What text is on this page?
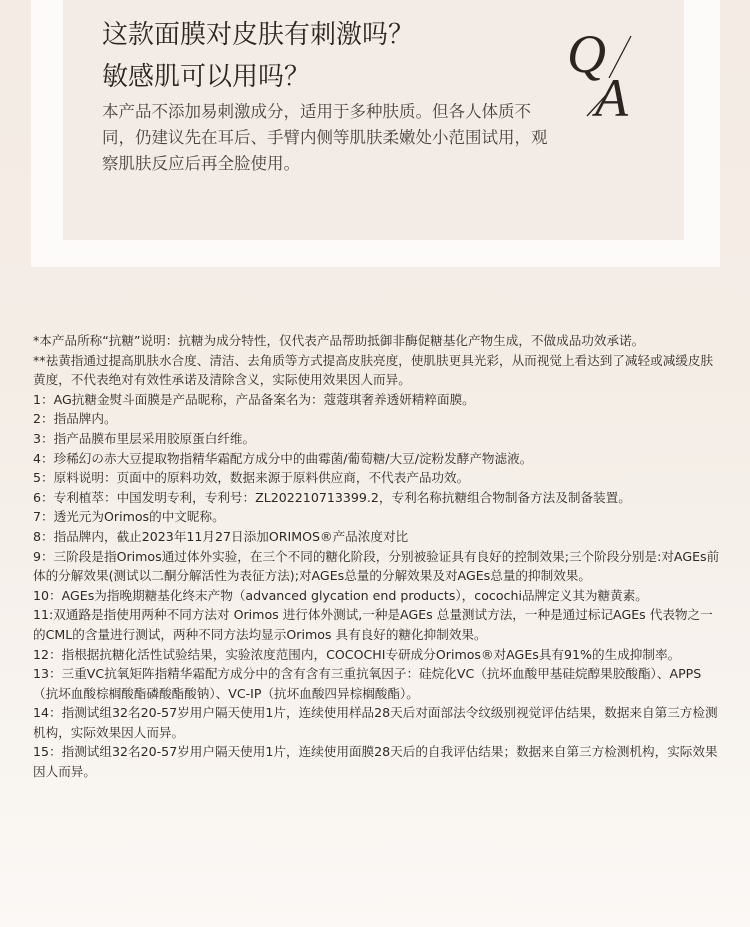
这款面膜对皮肤有刺激吗？
敏感肌可以用吗？

本产品不添加易刺激成分，适用于多种肤质。但各人体质不同，仍建议先在耳后、手臂内侧等肌肤柔嫩处小范围试用，观察肌肤反应后再全脸使用。

Q
A

*本产品所称“抗糖”说明：抗糖为成分特性，仅代表产品帮助抵御非酶促糖基化产物生成，不做成品功效承诺。

**祛黄指通过提高肌肤水合度、清洁、去角质等方式提高皮肤亮度，使肌肤更具光彩，从而视觉上看达到了减轻或减缓皮肤黄度，不代表绝对有效性承诺及清除含义，实际使用效果因人而异。

1：AG抗糖金熨斗面膜是产品昵称，产品备案名为：蔻蔻琪奢养透妍精粹面膜。

2：指品牌内。

3：指产品膜布里层采用胶原蛋白纤维。

4：珍稀幻の赤大豆提取物指精华霜配方成分中的曲霉菌/葡萄糖/大豆/淀粉发酵产物滤液。

5：原料说明：页面中的原料功效，数据来源于原料供应商，不代表产品功效。

6：专利植萃：中国发明专利，专利号：ZL202210713399.2，专利名称抗糖组合物制备方法及制备装置。

7：透光元为Orimos的中文昵称。

8：指品牌内，截止2023年11月27日添加ORIMOS®产品浓度对比

9：三阶段是指Orimos通过体外实验，在三个不同的糖化阶段，分别被验证具有良好的控制效果;三个阶段分别是:对AGEs前体的分解效果(测试以二酮分解活性为表征方法);对AGEs总量的分解效果及对AGEs总量的抑制效果。

10：AGEs为指晚期糖基化终末产物（advanced glycation end products），cocochi品牌定义其为糖黄素。

11:双通路是指使用两种不同方法对 Orimos 进行体外测试,一种是AGEs 总量测试方法，一种是通过标记AGEs 代表物之一的CML的含量进行测试，两种不同方法均显示Orimos 具有良好的糖化抑制效果。

12：指根据抗糖化活性试验结果，实验浓度范围内，COCOCHI专研成分Orimos®对AGEs具有91%的生成抑制率。

13：三重VC抗氧矩阵指精华霜配方成分中的含有含有三重抗氧因子：硅烷化VC（抗坏血酸甲基硅烷醇果胶酸酯）、APPS（抗坏血酸棕榈酸酯磷酸酯酸钠）、VC-IP（抗坏血酸四异棕榈酸酯）。

14：指测试组32名20-57岁用户隔天使用1片，连续使用样品28天后对面部法令纹级别视觉评估结果，数据来自第三方检测机构，实际效果因人而异。

15：指测试组32名20-57岁用户隔天使用1片，连续使用面膜28天后的自我评估结果；数据来自第三方检测机构，实际效果因人而异。
